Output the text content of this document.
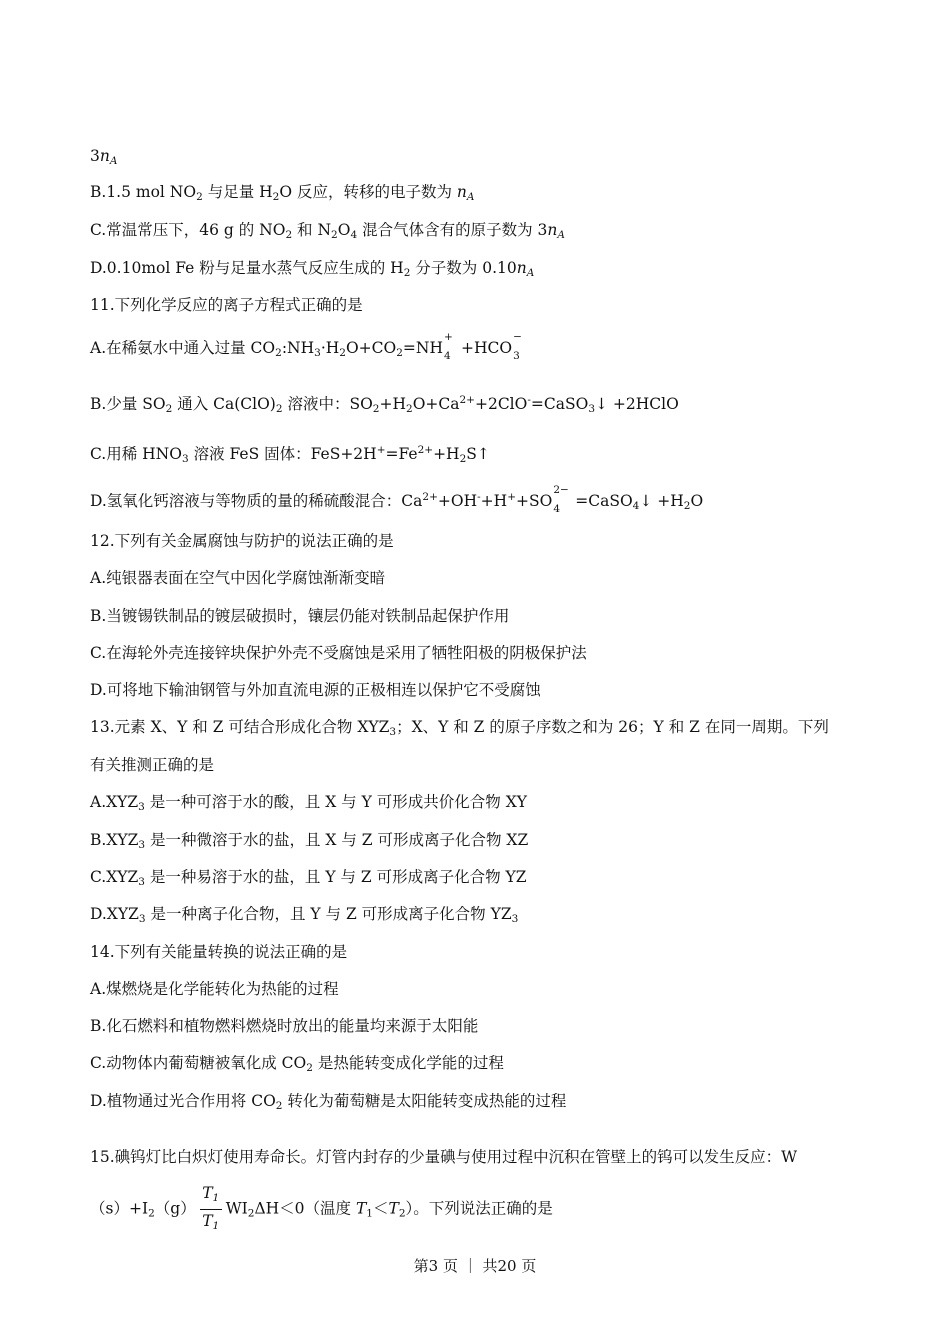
$3n_A$
B.1.5 mol $NO_2$ 与足量 $H_2O$ 反应，转移的电子数为 $n_A$
C.常温常压下，46 g 的 $NO_2$ 和 $N_2O_4$ 混合气体含有的原子数为 $3n_A$
D.0.10mol Fe 粉与足量水蒸气反应生成的 $H_2$ 分子数为 $0.10n_A$
11.下列化学反应的离子方程式正确的是
A.在稀氨水中通入过量 $CO_2:NH_3\cdot H_2O+CO_2=NH$
+
4 +HCO
−
3
B.少量 $SO_2$ 通入 $Ca(ClO)_2$ 溶液中：$SO_2+H_2O+Ca^{2+}+2ClO^-=CaSO_3↓$ +2HClO
C.用稀 $HNO_3$ 溶液 FeS 固体：$FeS+2H^+=Fe^{2+}+H_2S↑$
D.氢氧化钙溶液与等物质的量的稀硫酸混合：$Ca^{2+}+OH^-+H^++SO$
2−
4 =CaSO$_4$↓ $+H_2O$
12.下列有关金属腐蚀与防护的说法正确的是
A.纯银器表面在空气中因化学腐蚀渐渐变暗
B.当镀锡铁制品的镀层破损时，镶层仍能对铁制品起保护作用
C.在海轮外壳连接锌块保护外壳不受腐蚀是采用了牺牲阳极的阴极保护法
D.可将地下输油钢管与外加直流电源的正极相连以保护它不受腐蚀
13.元素 X、Y 和 Z 可结合形成化合物 $XYZ_3$；X、Y 和 Z 的原子序数之和为 26；Y 和 Z 在同一周期。下列
有关推测正确的是
$A.XYZ_3$ 是一种可溶于水的酸，且 X 与 Y 可形成共价化合物 XY
$B.XYZ_3$ 是一种微溶于水的盐，且 X 与 Z 可形成离子化合物 XZ
$C.XYZ_3$ 是一种易溶于水的盐，且 Y 与 Z 可形成离子化合物 YZ
$D.XYZ_3$ 是一种离子化合物，且 Y 与 Z 可形成离子化合物 $YZ_3$
14.下列有关能量转换的说法正确的是
A.煤燃烧是化学能转化为热能的过程
B.化石燃料和植物燃料燃烧时放出的能量均来源于太阳能
C.动物体内葡萄糖被氧化成 $CO_2$ 是热能转变成化学能的过程
D.植物通过光合作用将 $CO_2$ 转化为葡萄糖是太阳能转变成热能的过程
15.碘钨灯比白炽灯使用寿命长。灯管内封存的少量碘与使用过程中沉积在管壁上的钨可以发生反应：W
$(s)+I_2(g) \frac{T_1}{T_1} WI_2\Delta H<0$（温度 $T_1<T_2$）。下列说法正确的是
第3 页 ｜ 共20 页
